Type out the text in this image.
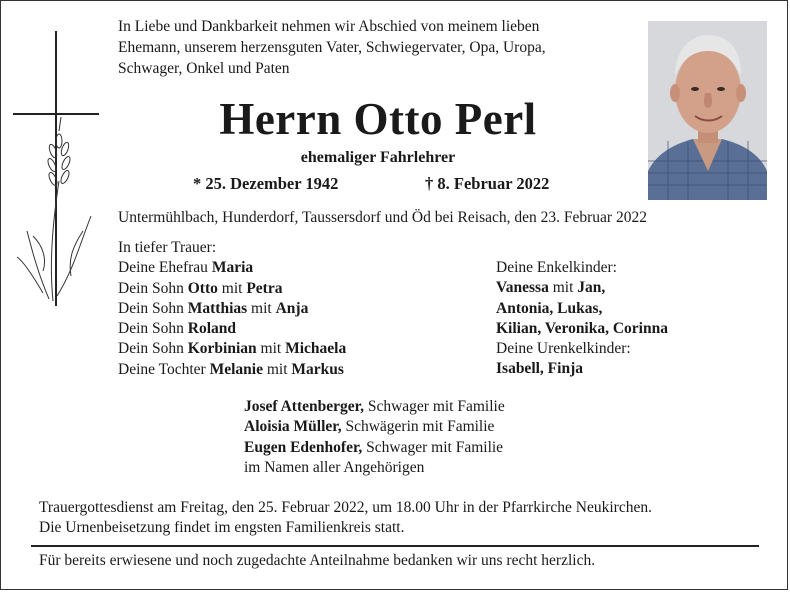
In Liebe und Dankbarkeit nehmen wir Abschied von meinem lieben
Ehemann, unserem herzensguten Vater, Schwiegervater, Opa, Uropa,
Schwager, Onkel und Paten
Herrn Otto Perl
ehemaliger Fahrlehrer
* 25. Dezember 1942	† 8. Februar 2022
Untermühlbach, Hunderdorf, Taussersdorf und Öd bei Reisach, den 23. Februar 2022
In tiefer Trauer:
Deine Ehefrau Maria
Dein Sohn Otto mit Petra
Dein Sohn Matthias mit Anja
Dein Sohn Roland
Dein Sohn Korbinian mit Michaela
Deine Tochter Melanie mit Markus
Deine Enkelkinder:
Vanessa mit Jan,
Antonia, Lukas,
Kilian, Veronika, Corinna
Deine Urenkelkinder:
Isabell, Finja
Josef Attenberger, Schwager mit Familie
Aloisia Müller, Schwägerin mit Familie
Eugen Edenhofer, Schwager mit Familie
im Namen aller Angehörigen
Trauergottesdienst am Freitag, den 25. Februar 2022, um 18.00 Uhr in der Pfarrkirche Neukirchen.
Die Urnenbeisetzung findet im engsten Familienkreis statt.
Für bereits erwiesene und noch zugedachte Anteilnahme bedanken wir uns recht herzlich.
